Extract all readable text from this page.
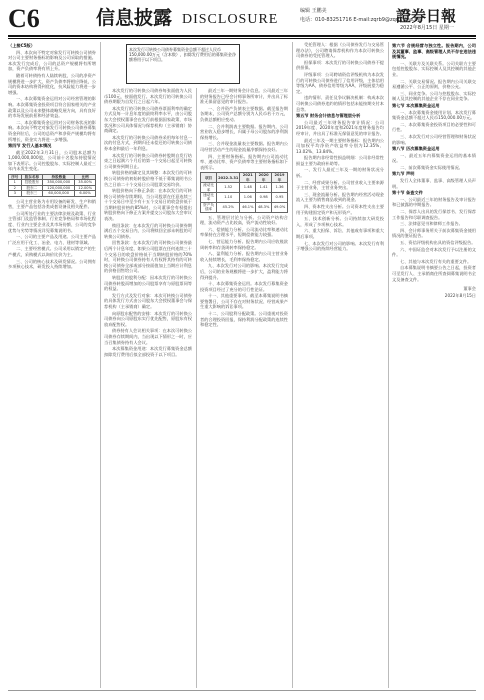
C6	信息披露 DISCLOSURE
编辑 王鹏美
电话：010-83251716 E-mail:zqrb9@zqrb.sina.net
證券日報
2022年8月15日 星期一

（上接C5版）

四、本次向不特定对象发行可转换公司债券对公司主要财务指标的影响及公司采取的措施。本次发行完成后，公司的总资产规模将有所增加，资产负债率将有所上升。

随着可转债持有人陆续转股，公司的净资产规模将进一步扩大，资产负债率将相应降低，公司的资本结构将得到优化，抗风险能力将进一步增强。

一、本次募集资金运用对公司经营管理的影响。本次募集资金投资项目符合国家相关的产业政策以及公司未来整体战略发展方向，具有良好的市场发展前景和经济效益。

二、本次募集资金运用对公司财务状况的影响。本次向不特定对象发行可转换公司债券募集资金到位后，公司的总资产和净资产规模均将有所增长，资金实力将进一步增强。

第四节 发行人基本情况

截至2022年3月31日，公司股本总额为1,000,000,000股，公司前十名股东持股情况如下表所示。公司控股股东、实际控制人最近三年内未发生变化。

序号	股东名称	持股数量	比例
1	控股股东	350,000,000	35.00%
2	股东二	120,000,000	12.00%
3	股东三	60,000,000	6.00%

公司主营业务为专用设备的研发、生产和销售，主要产品包括各类成套设备及相关配件。

公司所处行业的主要法律法规及政策、行业主管部门及监管体制、行业竞争格局和市场化程度、行业内主要企业及其市场份额、公司的竞争优势与劣势等情况详见募集说明书。

一、公司的主要产品及用途。公司主要产品广泛应用于化工、冶金、电力、建材等领域。

二、主要经营模式。公司采用以销定产的生产模式，采购模式以询价比价为主。

三、公司的核心技术及研发情况。公司拥有多项核心技术，研发投入持续增加。

本次发行可转换公司债券募集资金总额不超过人民币150,000.00万元（含本数），扣除发行费用后的募集资金净额将用于以下项目。

本次发行的可转换公司债券每张面值为人民币100元，按面值发行。本次发行的可转换公司债券期限为自发行之日起六年。

本次发行的可转换公司债券票面利率的确定方式及每一计息年度的最终利率水平，由公司股东大会授权董事会在发行前根据国家政策、市场状况和公司具体情况与保荐机构（主承销商）协商确定。

本次发行的可转换公司债券采用每年付息一次的付息方式，到期归还未偿还的可转换公司债券本金和最后一年利息。

本次发行的可转换公司债券转股期自发行结束之日起满六个月后的第一个交易日起至可转换公司债券到期日止。

转股价格的确定及其调整：本次发行的可转换公司债券的初始转股价格不低于募集说明书公告之日前二十个交易日公司股票交易均价。

转股价格向下修正条款：在本次发行的可转换公司债券存续期间，当公司股票在任意连续三十个交易日中至少有十五个交易日的收盘价低于当期转股价格的85%时，公司董事会有权提出转股价格向下修正方案并提交公司股东大会审议表决。

赎回条款：在本次发行的可转换公司债券期满后五个交易日内，公司将赎回全部未转股的可转换公司债券。

回售条款：在本次发行的可转换公司债券最后两个计息年度，如果公司股票在任何连续三十个交易日的收盘价格低于当期转股价格的70%时，可转换公司债券持有人有权将其持有的可转换公司债券全部或部分按面值加上当期应计利息的价格回售给公司。

转股后的股利分配：因本次发行的可转换公司债券转股而增加的公司股票享有与原股票同等的权益。

发行方式及发行对象：本次可转换公司债券的具体发行方式由公司股东大会授权董事会与保荐机构（主承销商）确定。

向原股东配售的安排：本次发行的可转换公司债券向公司原股东实行优先配售，原股东有权放弃配售权。

债券持有人会议相关事项：在本次可转换公司债券存续期间内，当出现以下情形之一时，应当召集债券持有人会议。

本次募集资金用途：本次发行募集资金总额扣除发行费用后拟全部投资于以下项目。

最近三年一期财务会计信息。公司最近三年的财务报告已经会计师事务所审计，并出具了标准无保留意见的审计报告。

一、合并资产负债表主要数据。截至报告期各期末，公司资产总额分别为人民币若干万元，负债总额相应变动。

二、合并利润表主要数据。报告期内，公司营业收入稳步增长，归属于母公司股东的净利润保持增长。

三、合并现金流量表主要数据。报告期内公司经营活动产生的现金流量净额保持良好。

四、主要财务指标。报告期内公司流动比率、速动比率、资产负债率等主要财务指标如下表所示。

项目	2022.3.31	2021年	2020年	2019年
流动比率	1.52	1.48	1.41	1.36
速动比率	1.10	1.06	0.98	0.95
资产负债率	45.2%	46.1%	48.3%	49.0%

五、管理层讨论与分析。公司资产结构合理，流动资产占比较高，资产流动性较好。

六、偿债能力分析。公司流动比率和速动比率保持在合理水平，短期偿债能力较强。

七、营运能力分析。报告期内公司应收账款周转率和存货周转率保持稳定。

八、盈利能力分析。报告期内公司主营业务收入持续增长，毛利率保持稳定。

九、本次发行对公司的影响。本次发行完成后，公司的业务规模将进一步扩大，盈利能力将得到提升。

十、本次募集资金运用。本次发行募集资金投资项目经过了充分的可行性论证。

十一、其他重要事项。截至本募集说明书摘要签署日，公司不存在对财务状况、经营成果产生重大影响的诉讼事项。

十二、公司股利分配政策。公司重视对投资者的合理投资回报，保持利润分配政策的连续性和稳定性。

受托管理人：根据《公司债券发行与交易管理办法》，公司聘请保荐机构作为本次可转换公司债券的受托管理人。

担保事项：本次发行的可转换公司债券不提供担保。

评级事项：公司聘请资信评级机构为本次发行的可转换公司债券进行了信用评级，主体信用等级为AA，债券信用等级为AA，评级展望为稳定。

违约情形、责任及争议解决机制：构成本次可转换公司债券违约的情形包括未能按期支付本息等。

第五节 财务会计信息与管理层分析

公司最近三年财务报告审计情况：公司2019年度、2020年度和2021年度财务报告均经审计，并出具了标准无保留意见的审计报告。

最近三年及一期主要财务指标：报告期内公司加权平均净资产收益率分别为12.35%、13.02%、13.84%。

报告期内非经常性损益明细：公司非经常性损益主要为政府补助等。

一、发行人最近三年及一期的财务状况分析。

二、经营成果分析。公司营业收入主要来源于主营业务，主营业务突出。

三、现金流量分析。报告期内经营活动现金流入主要为销售商品收到的现金。

四、资本性支出分析。公司资本性支出主要用于购建固定资产和无形资产。

五、技术创新分析。公司持续加大研发投入，形成了多项核心技术。

六、重大担保、诉讼、其他或有事项和重大期后事项。

七、本次发行对公司的影响。本次发行有利于增强公司的持续经营能力。

第六节 合规经营与独立性。报告期内，公司及其董事、监事、高级管理人员不存在违法违规情况。

一、关联方及关联关系。公司关联方主要包括控股股东、实际控制人及其控制的其他企业。

二、关联交易情况。报告期内公司关联交易遵循公平、公正的原则，价格公允。

三、同业竞争。公司与控股股东、实际控制人及其控制的其他企业不存在同业竞争。

第七节 本次募集资金运用

一、本次募集资金使用计划。本次发行募集资金总额不超过人民币150,000.00万元。

二、本次募集资金投资项目的必要性和可行性。

三、本次发行对公司经营管理和财务状况的影响。

第八节 历次募集资金运用

一、最近五年内募集资金运用的基本情况。

二、前次募集资金实际使用情况。

第九节 声明

发行人全体董事、监事、高级管理人员声明。

第十节 备查文件

一、公司最近三年的财务报告及审计报告和已披露的中期报告。

二、保荐人出具的发行保荐书、发行保荐工作报告和尽职调查报告。

三、法律意见书和律师工作报告。

四、会计师事务所关于前次募集资金使用情况的鉴证报告。

五、资信评级机构出具的资信评级报告。

六、中国证监会对本次发行予以注册的文件。

七、其他与本次发行有关的重要文件。

自本募集说明书摘要公告之日起，投资者可至发行人、主承销商住所查阅募集说明书全文及备查文件。

董事会

2022年8月15日
